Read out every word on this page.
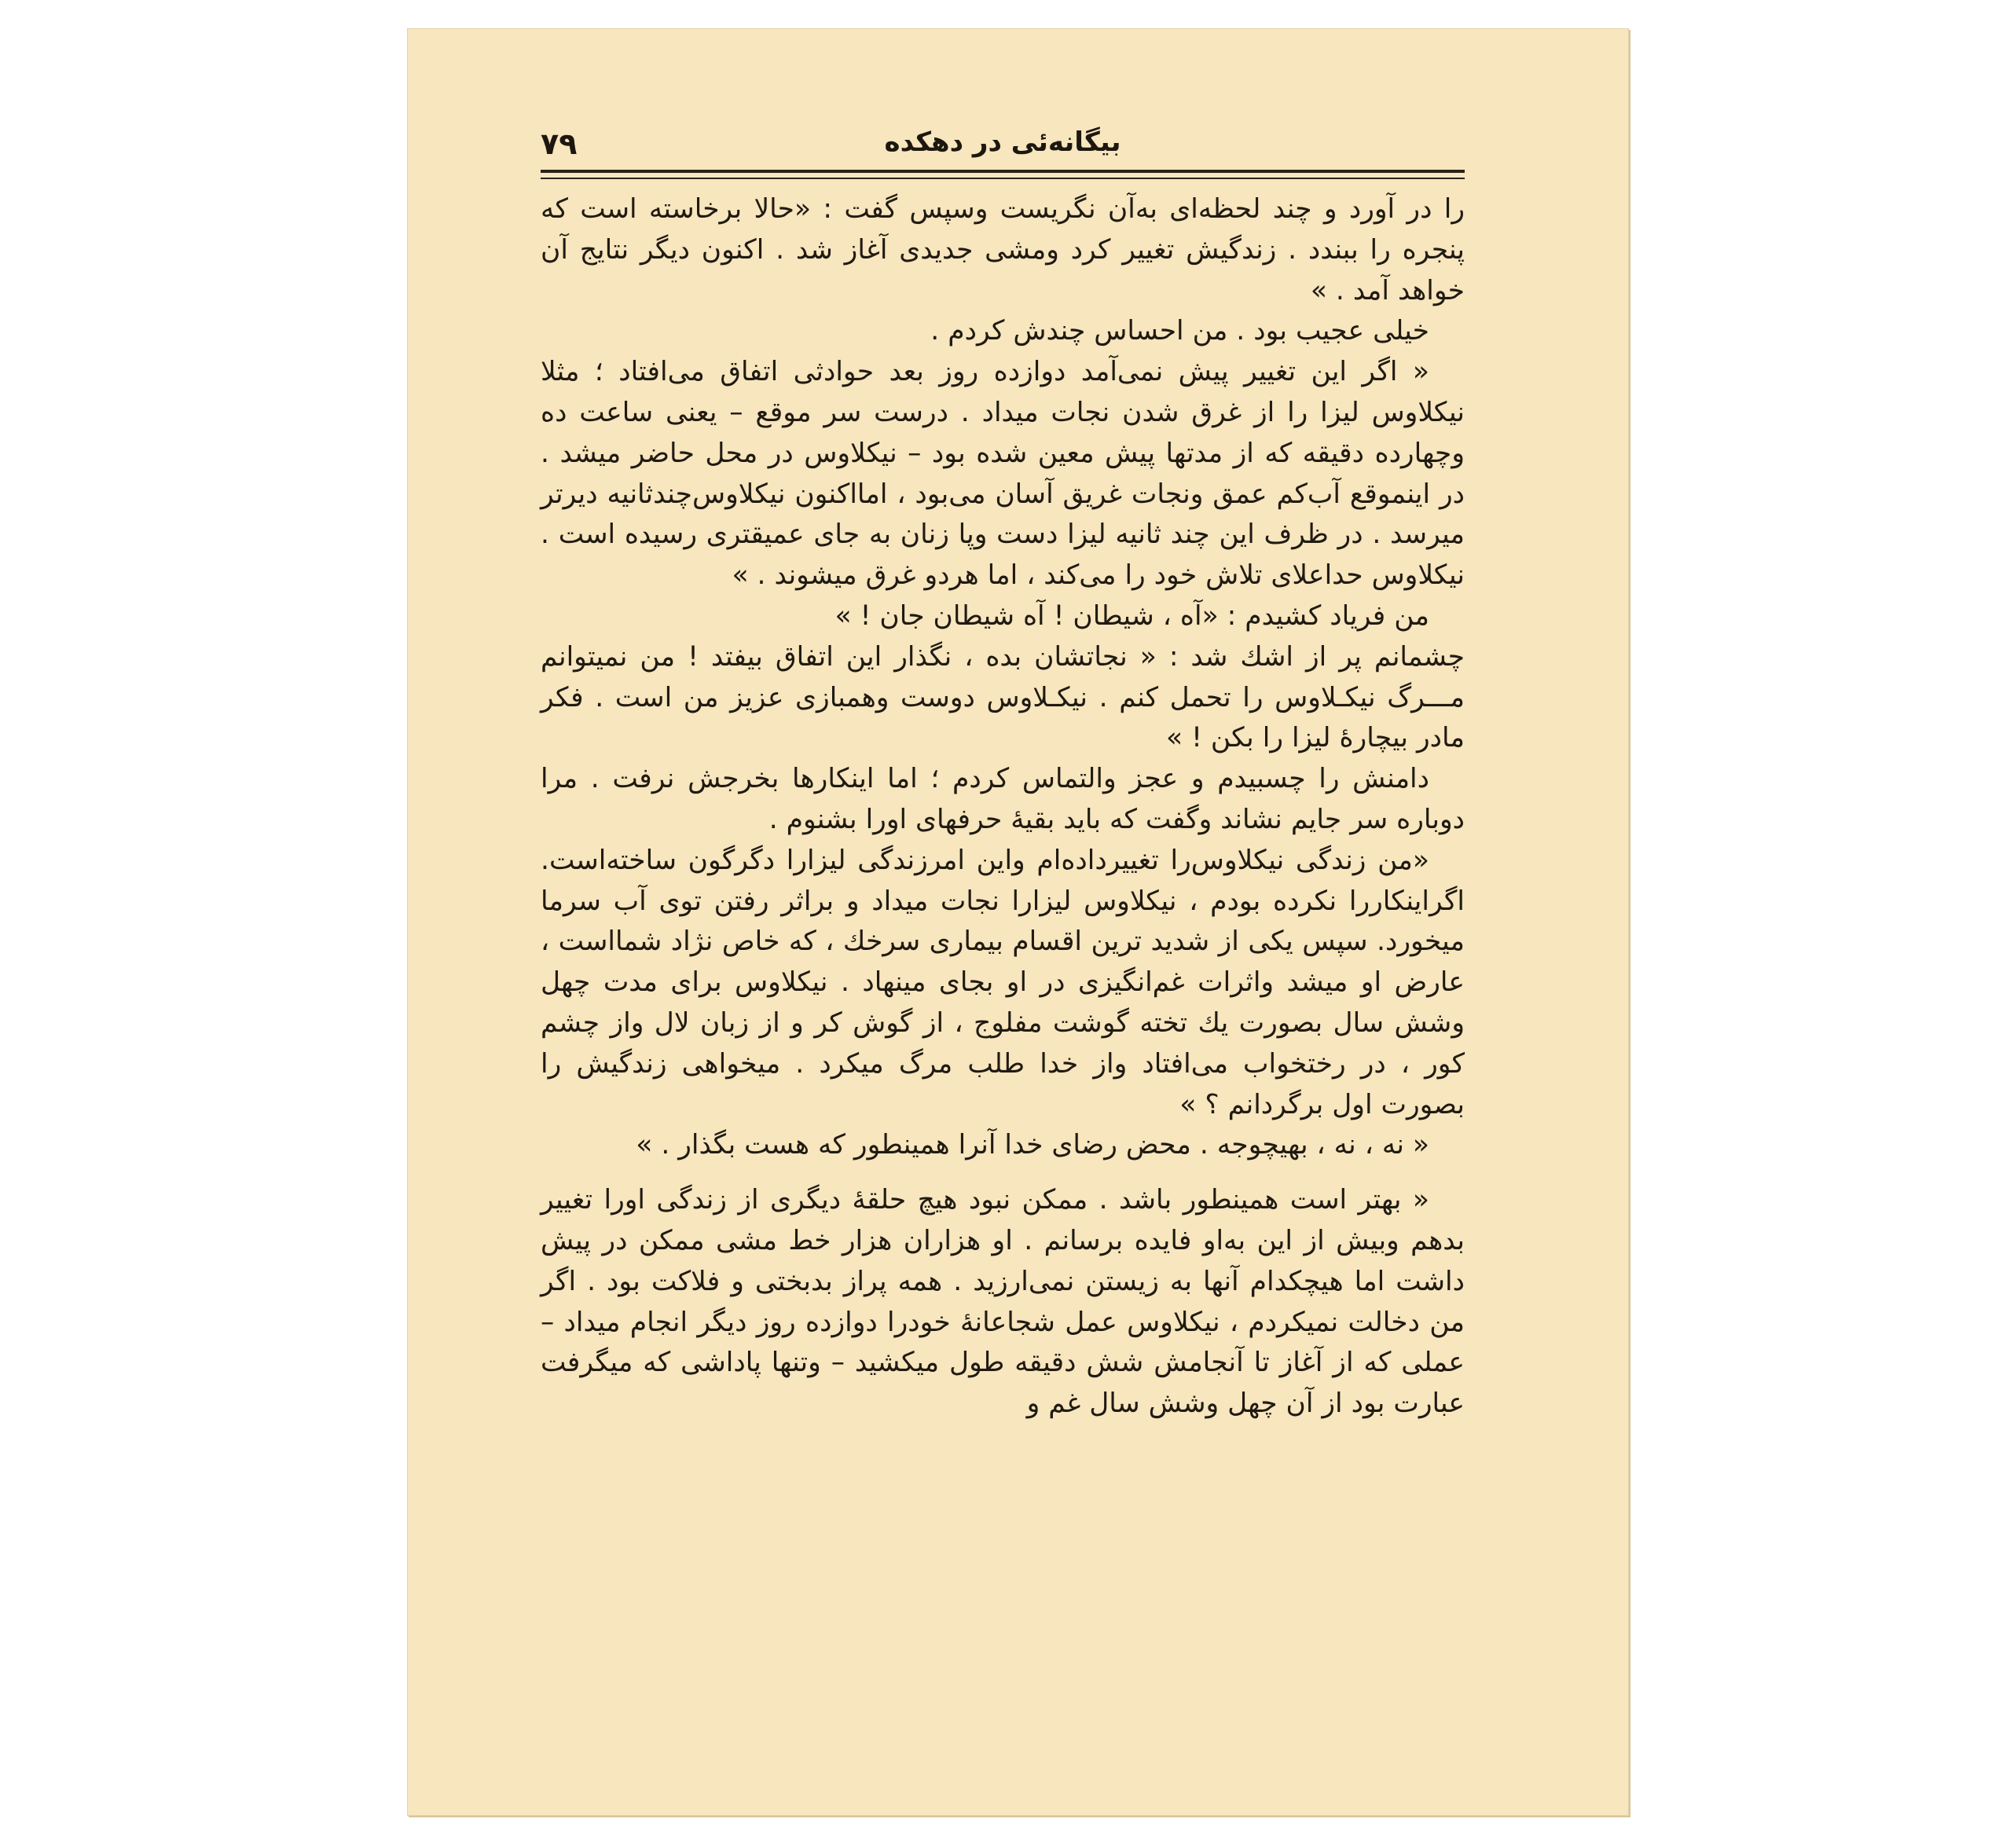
بیگانه‌ئی در دهکده
۷۹

را در آورد و چند لحظه‌ای به‌آن نگریست وسپس گفت : «حالا برخاسته است که پنجره را ببندد . زندگیش تغییر کرد ومشی جدیدی آغاز شد . اکنون دیگر نتایج آن خواهد آمد . »

خیلی عجیب بود . من احساس چندش کردم .

« اگر این تغییر پیش نمی‌آمد دوازده روز بعد حوادثی اتفاق می‌افتاد ؛ مثلا نیکلاوس لیزا را از غرق شدن نجات میداد . درست سر موقع – یعنی ساعت ده وچهارده دقیقه که از مدتها پیش معین شده بود – نیکلاوس در محل حاضر میشد . در اینموقع آب‌کم عمق ونجات غریق آسان می‌بود ، اماا‌کنون نیکلاوس‌چندثانیه دیرتر میرسد . در ظرف این چند ثانیه لیزا دست وپا زنان به جای عمیقتری رسیده است . نیکلاوس حداعلای تلاش خود را می‌کند ، اما هردو غرق میشوند . »

من فریاد کشیدم : «آه ، شیطان ! آه شیطان جان ! »

چشمانم پر از اشك شد : « نجاتشان بده ، نگذار این اتفاق بیفتد ! من نمیتوانم مـــرگ نیکـلاوس را تحمل کنم . نیکـلاوس دوست وهمبازی عزیز من است . فکر مادر بیچارهٔ لیزا را بکن ! »

دامنش را چسبیدم و عجز والتماس کردم ؛ اما اینکارها بخرجش نرفت . مرا دوباره سر جایم نشاند وگفت که باید بقیهٔ حرفهای اورا بشنوم .

«من زندگی نیکلاوس‌را تغییرداده‌ام واین امرزندگی لیزارا دگرگون ساخته‌است. اگراینکاررا نکرده بودم ، نیکلاوس لیزارا نجات میداد و براثر رفتن توی آب سرما میخورد. سپس یکی از شدید ترین اقسام بیماری سرخك ، که خاص نژاد شمااست ، عارض او میشد واثرات غم‌انگیزی در او بجای مینهاد . نیکلاوس برای مدت چهل وشش سال بصورت یك تخته گوشت مفلوج ، از گوش کر و از زبان لال واز چشم کور ، در رختخواب می‌افتاد واز خدا طلب مرگ میکرد . میخواهی زندگیش را بصورت اول برگردانم ؟ »

« نه ، نه ، بهیچوجه . محض رضای خدا آنرا همینطور که هست بگذار . »

« بهتر است همینطور باشد . ممکن نبود هیچ حلقهٔ دیگری از زندگی اورا تغییر بدهم وبیش از این به‌او فایده برسانم . او هزاران هزار خط مشی ممکن در پیش داشت اما هیچکدام آنها به زیستن نمی‌ارزید . همه پراز بدبختی و فلاکت بود . اگر من دخالت نمیکردم ، نیکلاوس عمل شجاعانهٔ خودرا دوازده روز دیگر انجام میداد – عملی که از آغاز تا آنجامش شش دقیقه طول میکشید – وتنها پاداشی که میگرفت عبارت بود از آن چهل وشش سال غم و
